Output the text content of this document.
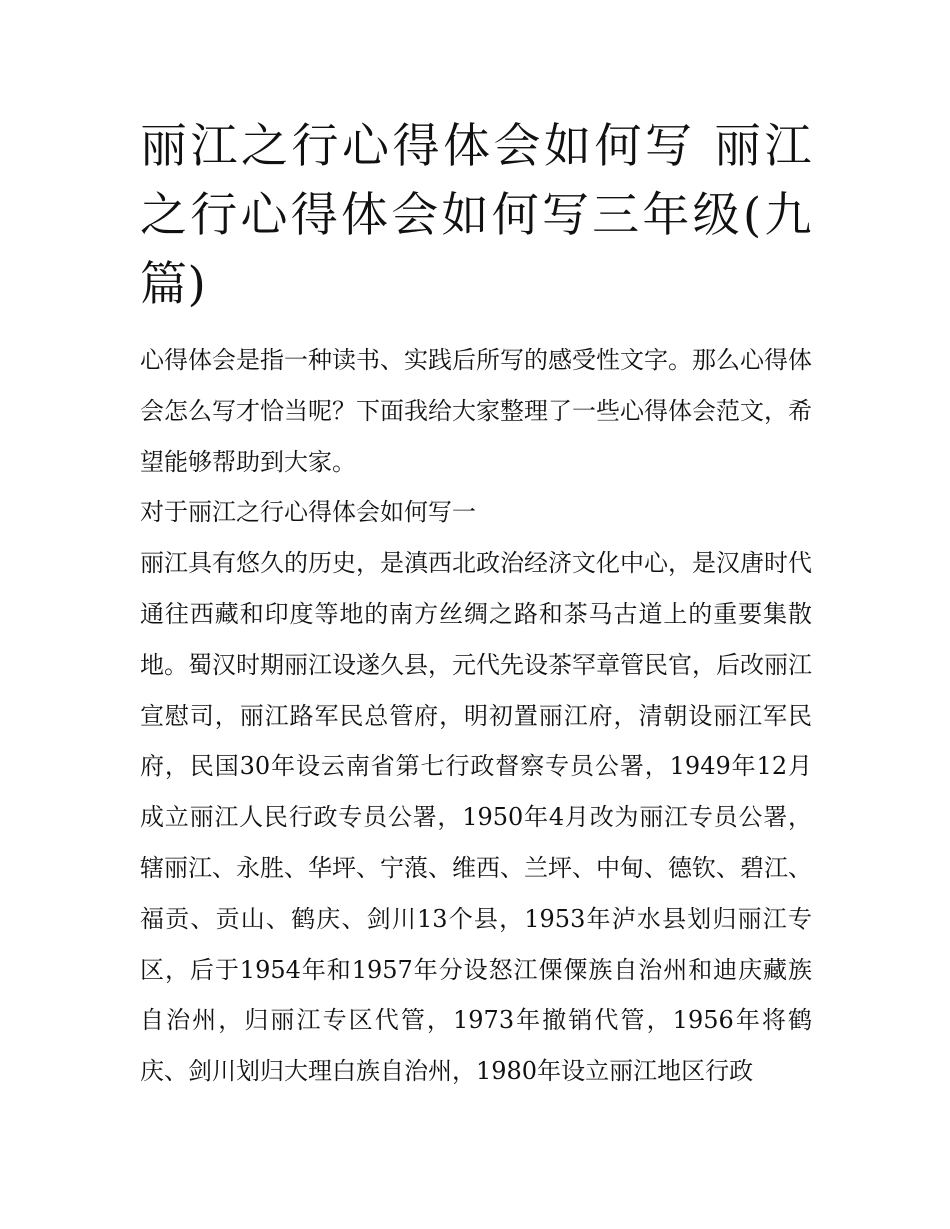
丽江之行心得体会如何写 丽江之行心得体会如何写三年级(九篇)

心得体会是指一种读书、实践后所写的感受性文字。那么心得体会怎么写才恰当呢？下面我给大家整理了一些心得体会范文，希望能够帮助到大家。

对于丽江之行心得体会如何写一

丽江具有悠久的历史，是滇西北政治经济文化中心，是汉唐时代通往西藏和印度等地的南方丝绸之路和茶马古道上的重要集散地。蜀汉时期丽江设遂久县，元代先设茶罕章管民官，后改丽江宣慰司，丽江路军民总管府，明初置丽江府，清朝设丽江军民府，民国30年设云南省第七行政督察专员公署，1949年12月成立丽江人民行政专员公署，1950年4月改为丽江专员公署，辖丽江、永胜、华坪、宁蒗、维西、兰坪、中甸、德钦、碧江、福贡、贡山、鹤庆、剑川13个县，1953年泸水县划归丽江专区，后于1954年和1957年分设怒江傈僳族自治州和迪庆藏族自治州，归丽江专区代管，1973年撤销代管，1956年将鹤庆、剑川划归大理白族自治州，1980年设立丽江地区行政
